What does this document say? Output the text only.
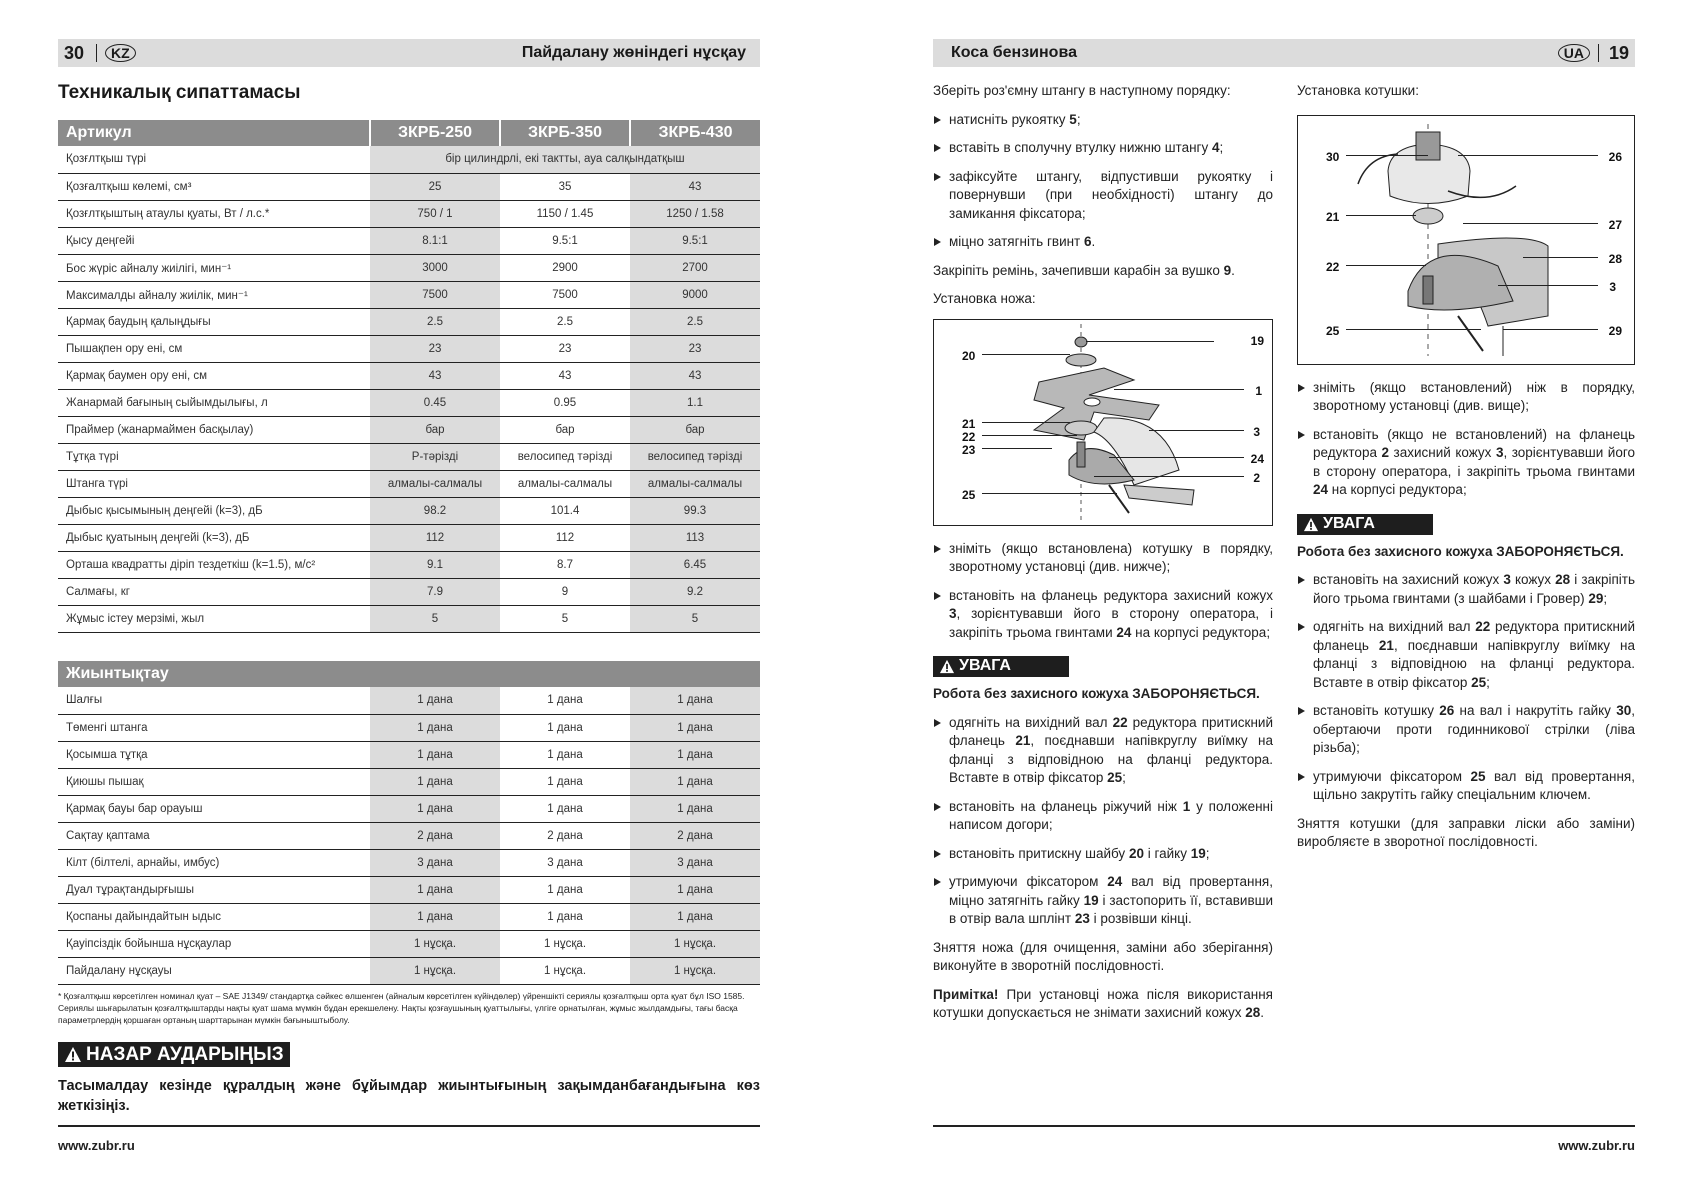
30	KZ	Пайдалану жөніндегі нұсқау
Техникалық сипаттамасы
Артикул	ЗКРБ-250	ЗКРБ-350	ЗКРБ-430
Қозғлтқыш түрі	бір цилиндрлі, екі тактты, ауа салқындатқыш		
Қозғалтқыш көлемі, см³	25	35	43
Қозғлтқыштың атаулы қуаты, Вт / л.с.*	750 / 1	1150 / 1.45	1250 / 1.58
Қысу деңгейі	8.1:1	9.5:1	9.5:1
Бос жүріс айналу жиілігі, мин⁻¹	3000	2900	2700
Максималды айналу жиілік, мин⁻¹	7500	7500	9000
Қармақ баудың қалыңдығы	2.5	2.5	2.5
Пышақпен ору ені, см	23	23	23
Қармақ баумен ору ені, см	43	43	43
Жанармай бағының сыйымдылығы, л	0.45	0.95	1.1
Праймер (жанармаймен басқылау)	бар	бар	бар
Тұтқа түрі	Р-тәрізді	велосипед тәрізді	велосипед тәрізді
Штанга түрі	алмалы-салмалы	алмалы-салмалы	алмалы-салмалы
Дыбыс қысымының деңгейі (k=3), дБ	98.2	101.4	99.3
Дыбыс қуатының деңгейі (k=3), дБ	112	112	113
Орташа квадратты діріп тездеткіш (k=1.5), м/с²	9.1	8.7	6.45
Салмағы, кг	7.9	9	9.2
Жұмыс істеу мерзімі, жыл	5	5	5
Жиынтықтау			
Шалғы	1 дана	1 дана	1 дана
Төменгі штанга	1 дана	1 дана	1 дана
Қосымша тұтқа	1 дана	1 дана	1 дана
Қиюшы пышақ	1 дана	1 дана	1 дана
Қармақ бауы бар орауыш	1 дана	1 дана	1 дана
Сақтау қаптама	2 дана	2 дана	2 дана
Кілт (білтелі, арнайы, имбус)	3 дана	3 дана	3 дана
Дуал тұрақтандырғышы	1 дана	1 дана	1 дана
Қоспаны дайындайтын ыдыс	1 дана	1 дана	1 дана
Қауіпсіздік бойынша нұсқаулар	1 нұсқа.	1 нұсқа.	1 нұсқа.
Пайдалану нұсқауы	1 нұсқа.	1 нұсқа.	1 нұсқа.
* Қозғалтқыш көрсетілген номинал қуат – SAE J1349/ стандартқа сәйкес өлшенген (айналым көрсетілген күйіндөлер) үйреншікті сериялы қозғалтқыш орта қуат бұл ISO 1585. Сериялы шығарылатын қозғалтқыштарды нақты қуат шама мүмкін бұдан ерекшелену. Нақты қозғаушының қуаттылығы, үлгіге орнатылған, жұмыс жылдамдығы, тағы басқа параметрлердің қоршаған ортаның шарттарынан мүмкін бағыныштыболу.
НАЗАР АУДАРЫҢЫЗ
Тасымалдау кезінде құралдың және бұйымдар жиынтығының зақымданбағандығына көз жеткізіңіз.
www.zubr.ru
Коса бензинова	UA	19

Зберіть роз'ємну штангу в наступному порядку:

натисніть рукоятку 5;
вставіть в сполучну втулку нижню штангу 4;
зафіксуйте штангу, відпустивши рукоятку і повернувши (при необхідності) штангу до замикання фіксатора;
міцно затягніть гвинт 6.

Закріпіть ремінь, зачепивши карабін за вушко 9.

Установка ножа:

19
20
1
21
22
23
3
24
2
25
зніміть (якщо встановлена) котушку в порядку, зворотному установці (див. нижче);
встановіть на фланець редуктора захисний кожух 3, зорієнтувавши його в сторону оператора, і закріпіть трьома гвинтами 24 на корпусі редуктора;
УВАГА

Робота без захисного кожуха ЗАБОРОНЯЄТЬСЯ.

одягніть на вихідний вал 22 редуктора притискний фланець 21, поєднавши напівкруглу виїмку на фланці з відповідною на фланці редуктора. Вставте в отвір фіксатор 25;
встановіть на фланець ріжучий ніж 1 у положенні написом догори;
встановіть притискну шайбу 20 і гайку 19;
утримуючи фіксатором 24 вал від провертання, міцно затягніть гайку 19 і застопорить її, вставивши в отвір вала шплінт 23 і розвівши кінці.

Зняття ножа (для очищення, заміни або зберігання) виконуйте в зворотній послідовності.

Примітка! При установці ножа після використання котушки допускається не знімати захисний кожух 28.

Установка котушки:

30	26
21
27
22
28
3
25	29
зніміть (якщо встановлений) ніж в порядку, зворотному установці (див. вище);
встановіть (якщо не встановлений) на фланець редуктора 2 захисний кожух 3, зорієнтувавши його в сторону оператора, і закріпіть трьома гвинтами 24 на корпусі редуктора;
УВАГА

Робота без захисного кожуха ЗАБОРОНЯЄТЬСЯ.

встановіть на захисний кожух 3 кожух 28 і закріпіть його трьома гвинтами (з шайбами і Гровер) 29;
одягніть на вихідний вал 22 редуктора притискний фланець 21, поєднавши напівкруглу виїмку на фланці з відповідною на фланці редуктора. Вставте в отвір фіксатор 25;
встановіть котушку 26 на вал і накрутіть гайку 30, обертаючи проти годинникової стрілки (ліва різьба);
утримуючи фіксатором 25 вал від провертання, щільно закрутіть гайку спеціальним ключем.

Зняття котушки (для заправки ліски або заміни) виробляєте в зворотної послідовності.

www.zubr.ru
